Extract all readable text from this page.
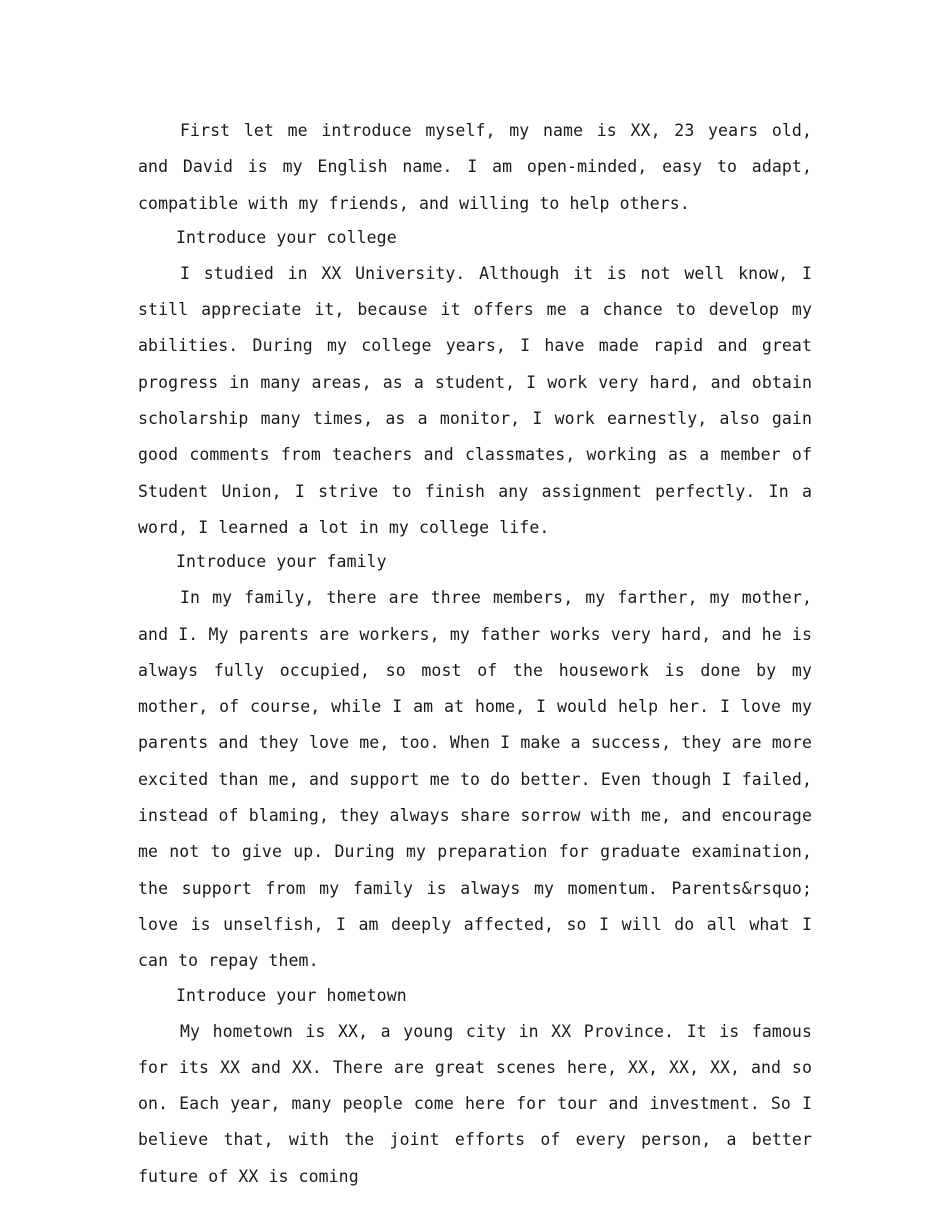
First let me introduce myself, my name is XX, 23 years old, and David is my English name. I am open-minded, easy to adapt, compatible with my friends, and willing to help others.

Introduce your college

I studied in XX University. Although it is not well know, I still appreciate it, because it offers me a chance to develop my abilities. During my college years, I have made rapid and great progress in many areas, as a student, I work very hard, and obtain scholarship many times, as a monitor, I work earnestly, also gain good comments from teachers and classmates, working as a member of Student Union, I strive to finish any assignment perfectly. In a word, I learned a lot in my college life.

Introduce your family

In my family, there are three members, my farther, my mother, and I. My parents are workers, my father works very hard, and he is always fully occupied, so most of the housework is done by my mother, of course, while I am at home, I would help her. I love my parents and they love me, too. When I make a success, they are more excited than me, and support me to do better. Even though I failed, instead of blaming, they always share sorrow with me, and encourage me not to give up. During my preparation for graduate examination, the support from my family is always my momentum. Parents&rsquo; love is unselfish, I am deeply affected, so I will do all what I can to repay them.

Introduce your hometown

My hometown is XX, a young city in XX Province. It is famous for its XX and XX. There are great scenes here, XX, XX, XX, and so on. Each year, many people come here for tour and investment. So I believe that, with the joint efforts of every person, a better future of XX is coming
